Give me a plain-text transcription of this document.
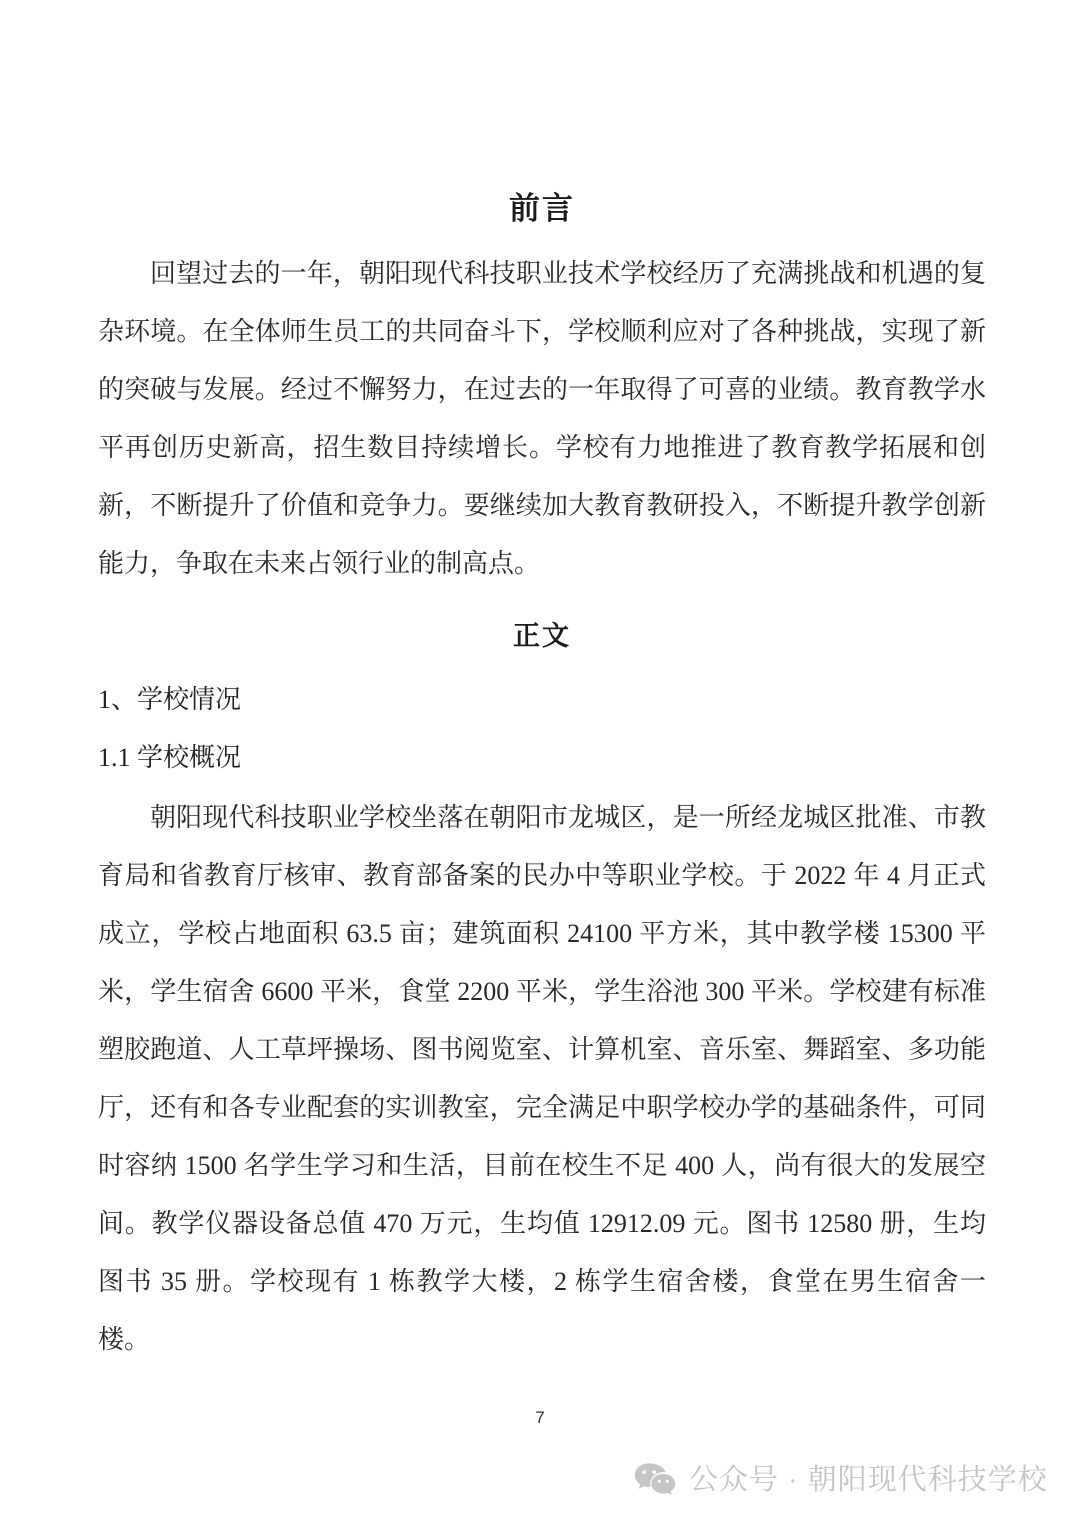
前言

回望过去的一年，朝阳现代科技职业技术学校经历了充满挑战和机遇的复杂环境。在全体师生员工的共同奋斗下，学校顺利应对了各种挑战，实现了新的突破与发展。经过不懈努力，在过去的一年取得了可喜的业绩。教育教学水平再创历史新高，招生数目持续增长。学校有力地推进了教育教学拓展和创新，不断提升了价值和竞争力。要继续加大教育教研投入，不断提升教学创新能力，争取在未来占领行业的制高点。

正文
1、学校情况
1.1 学校概况

朝阳现代科技职业学校坐落在朝阳市龙城区，是一所经龙城区批准、市教育局和省教育厅核审、教育部备案的民办中等职业学校。于 2022 年 4 月正式成立，学校占地面积 63.5 亩；建筑面积 24100 平方米，其中教学楼 15300 平米，学生宿舍 6600 平米，食堂 2200 平米，学生浴池 300 平米。学校建有标准塑胶跑道、人工草坪操场、图书阅览室、计算机室、音乐室、舞蹈室、多功能厅，还有和各专业配套的实训教室，完全满足中职学校办学的基础条件，可同时容纳 1500 名学生学习和生活，目前在校生不足 400 人，尚有很大的发展空间。教学仪器设备总值 470 万元，生均值 12912.09 元。图书 12580 册，生均图书 35 册。学校现有 1 栋教学大楼，2 栋学生宿舍楼，食堂在男生宿舍一楼。

7
公众号 · 朝阳现代科技学校
